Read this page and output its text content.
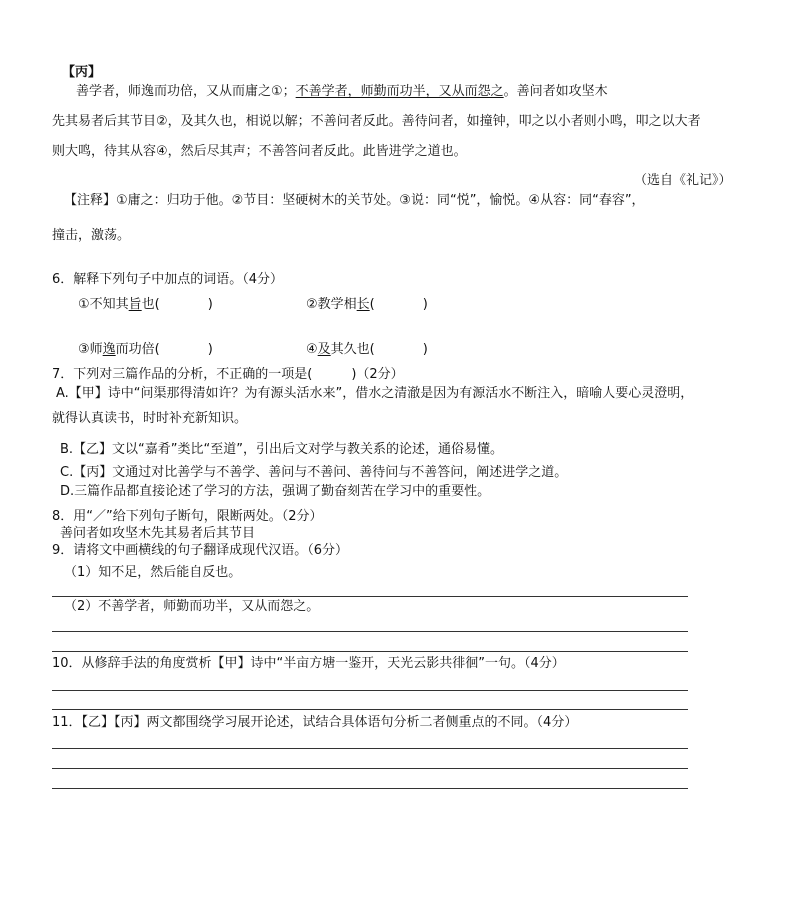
【丙】
善学者，师逸而功倍，又从而庸之①；不善学者，师勤而功半，又从而怨之。善问者如攻坚木
先其易者后其节目②，及其久也，相说以解；不善问者反此。善待问者，如撞钟，叩之以小者则小鸣，叩之以大者
则大鸣，待其从容④，然后尽其声；不善答问者反此。此皆进学之道也。
（选自《礼记》）
【注释】①庸之：归功于他。②节目：坚硬树木的关节处。③说：同“悦”，愉悦。④从容：同“春容”，
撞击，激荡。
6．解释下列句子中加点的词语。（4分）
①不知其旨也(	)	②教学相长(	)
③师逸而功倍(	)	④及其久也(	)
7．下列对三篇作品的分析，不正确的一项是(　　　)（2分）
A.【甲】诗中“问渠那得清如许？为有源头活水来”，借水之清澈是因为有源活水不断注入，暗喻人要心灵澄明，
就得认真读书，时时补充新知识。
B.【乙】文以“嘉肴”类比“至道”，引出后文对学与教关系的论述，通俗易懂。
C.【丙】文通过对比善学与不善学、善问与不善问、善待问与不善答问，阐述进学之道。
D.三篇作品都直接论述了学习的方法，强调了勤奋刻苦在学习中的重要性。
8．用“／”给下列句子断句，限断两处。（2分）
善问者如攻坚木先其易者后其节目
9．请将文中画横线的句子翻译成现代汉语。（6分）
（1）知不足，然后能自反也。
（2）不善学者，师勤而功半，又从而怨之。
10．从修辞手法的角度赏析【甲】诗中“半亩方塘一鉴开，天光云影共徘徊”一句。（4分）
11．【乙】【丙】两文都围绕学习展开论述，试结合具体语句分析二者侧重点的不同。（4分）
